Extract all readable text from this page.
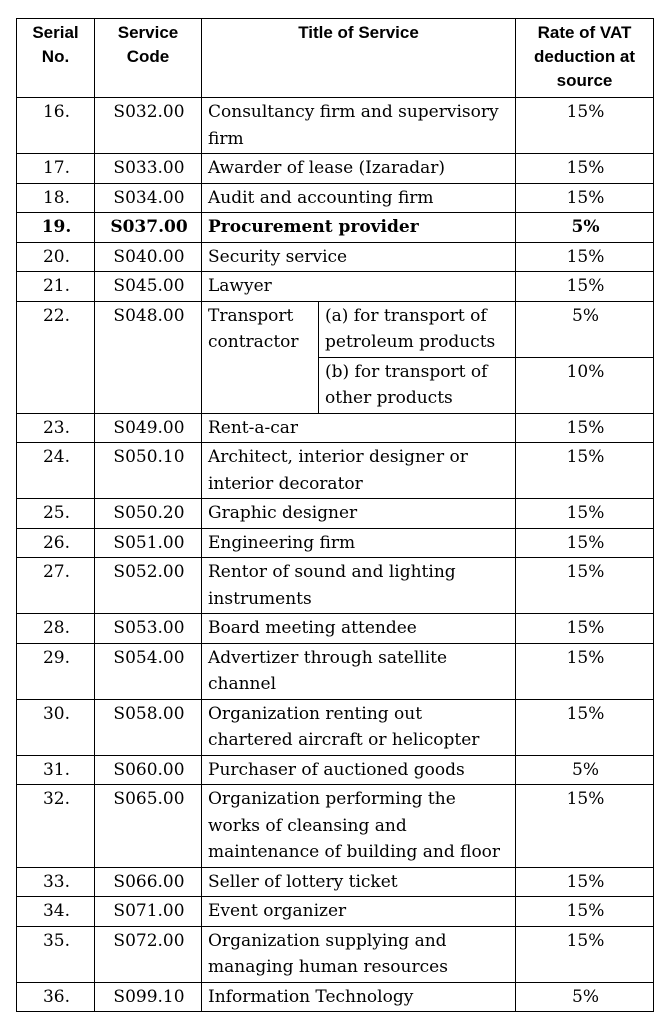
Serial No.	Service Code	Title of Service		Rate of VAT deduction at source
16.	S032.00	Consultancy firm and supervisory firm		15%
17.	S033.00	Awarder of lease (Izaradar)		15%
18.	S034.00	Audit and accounting firm		15%
19.	S037.00	Procurement provider		5%
20.	S040.00	Security service		15%
21.	S045.00	Lawyer		15%
22.	S048.00	Transport contractor	(a) for transport of petroleum products	5%
			(b) for transport of other products	10%
23.	S049.00	Rent-a-car		15%
24.	S050.10	Architect, interior designer or interior decorator		15%
25.	S050.20	Graphic designer		15%
26.	S051.00	Engineering firm		15%
27.	S052.00	Rentor of sound and lighting instruments		15%
28.	S053.00	Board meeting attendee		15%
29.	S054.00	Advertizer through satellite channel		15%
30.	S058.00	Organization renting out chartered aircraft or helicopter		15%
31.	S060.00	Purchaser of auctioned goods		5%
32.	S065.00	Organization performing the works of cleansing and maintenance of building and floor		15%
33.	S066.00	Seller of lottery ticket		15%
34.	S071.00	Event organizer		15%
35.	S072.00	Organization supplying and managing human resources		15%
36.	S099.10	Information Technology		5%
